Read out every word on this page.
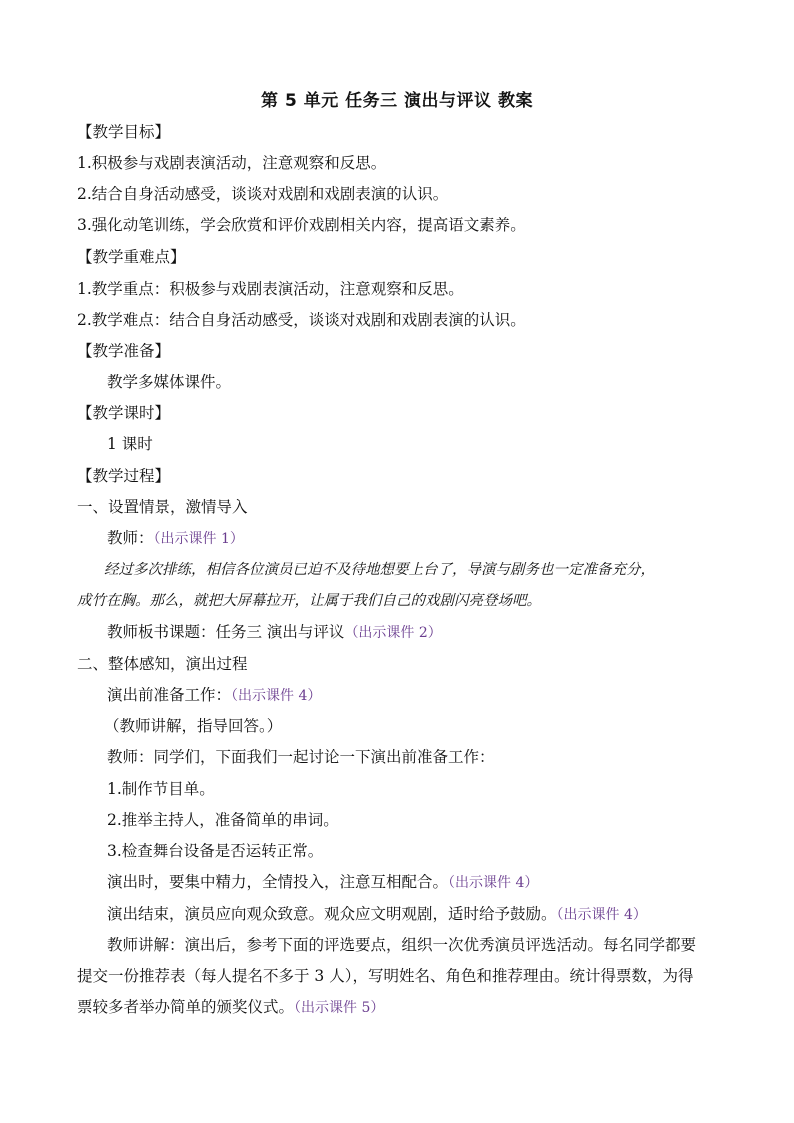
第 5 单元 任务三 演出与评议 教案
【教学目标】
1.积极参与戏剧表演活动，注意观察和反思。
2.结合自身活动感受，谈谈对戏剧和戏剧表演的认识。
3.强化动笔训练，学会欣赏和评价戏剧相关内容，提高语文素养。
【教学重难点】
1.教学重点：积极参与戏剧表演活动，注意观察和反思。
2.教学难点：结合自身活动感受，谈谈对戏剧和戏剧表演的认识。
【教学准备】
教学多媒体课件。
【教学课时】
1 课时
【教学过程】
一、设置情景，激情导入
教师：（出示课件 1）
经过多次排练，相信各位演员已迫不及待地想要上台了，导演与剧务也一定准备充分，
成竹在胸。那么，就把大屏幕拉开，让属于我们自己的戏剧闪亮登场吧。
教师板书课题：任务三 演出与评议（出示课件 2）
二、整体感知，演出过程
演出前准备工作：（出示课件 4）
（教师讲解，指导回答。）
教师：同学们，下面我们一起讨论一下演出前准备工作：
1.制作节目单。
2.推举主持人，准备简单的串词。
3.检查舞台设备是否运转正常。
演出时，要集中精力，全情投入，注意互相配合。（出示课件 4）
演出结束，演员应向观众致意。观众应文明观剧，适时给予鼓励。（出示课件 4）
教师讲解：演出后，参考下面的评选要点，组织一次优秀演员评选活动。每名同学都要
提交一份推荐表（每人提名不多于 3 人），写明姓名、角色和推荐理由。统计得票数，为得
票较多者举办简单的颁奖仪式。（出示课件 5）
